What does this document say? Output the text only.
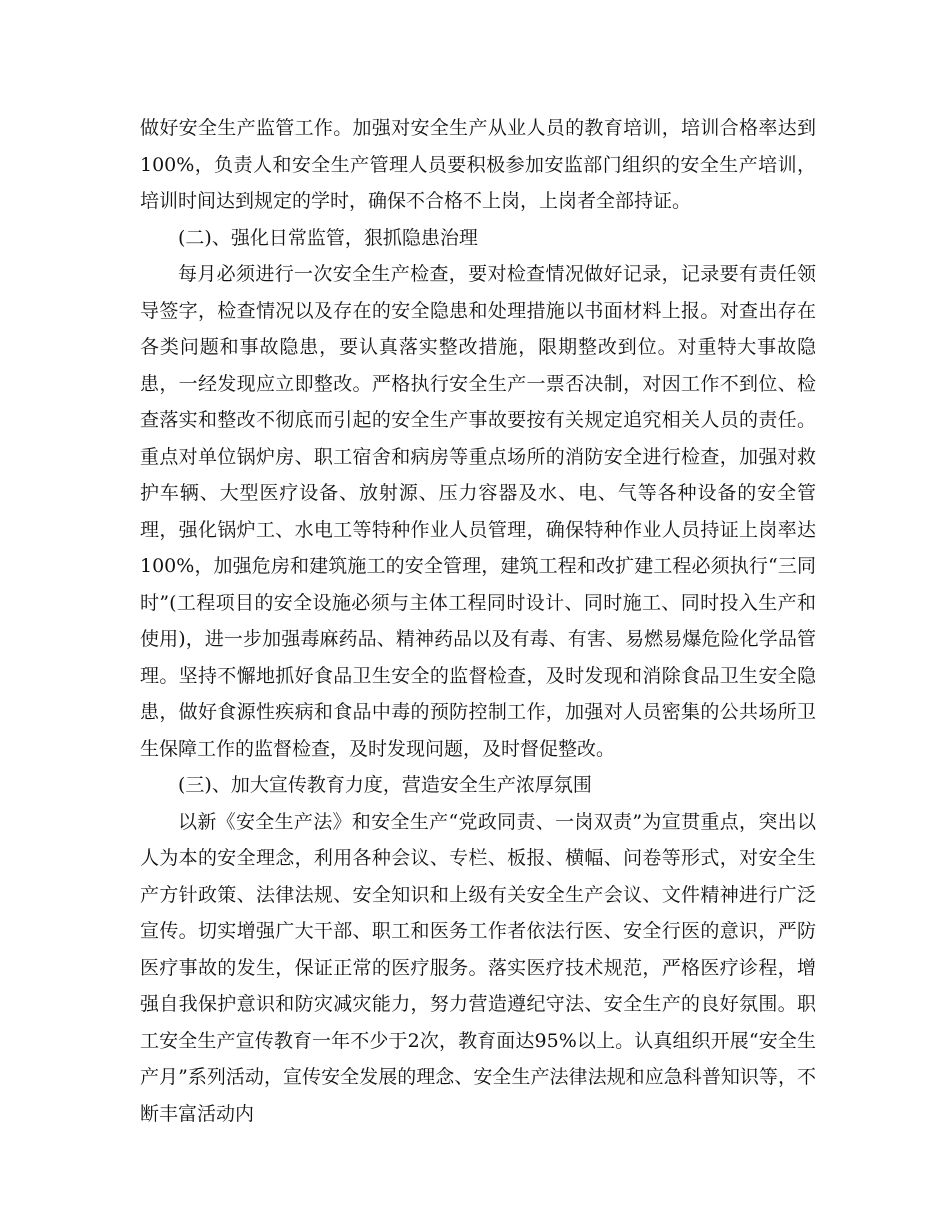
做好安全生产监管工作。加强对安全生产从业人员的教育培训，培训合格率达到100%，负责人和安全生产管理人员要积极参加安监部门组织的安全生产培训，培训时间达到规定的学时，确保不合格不上岗，上岗者全部持证。

(二)、强化日常监管，狠抓隐患治理

每月必须进行一次安全生产检查，要对检查情况做好记录，记录要有责任领导签字，检查情况以及存在的安全隐患和处理措施以书面材料上报。对查出存在各类问题和事故隐患，要认真落实整改措施，限期整改到位。对重特大事故隐患，一经发现应立即整改。严格执行安全生产一票否决制，对因工作不到位、检查落实和整改不彻底而引起的安全生产事故要按有关规定追究相关人员的责任。重点对单位锅炉房、职工宿舍和病房等重点场所的消防安全进行检查，加强对救护车辆、大型医疗设备、放射源、压力容器及水、电、气等各种设备的安全管理，强化锅炉工、水电工等特种作业人员管理，确保特种作业人员持证上岗率达100%，加强危房和建筑施工的安全管理，建筑工程和改扩建工程必须执行“三同时”(工程项目的安全设施必须与主体工程同时设计、同时施工、同时投入生产和使用)，进一步加强毒麻药品、精神药品以及有毒、有害、易燃易爆危险化学品管理。坚持不懈地抓好食品卫生安全的监督检查，及时发现和消除食品卫生安全隐患，做好食源性疾病和食品中毒的预防控制工作，加强对人员密集的公共场所卫生保障工作的监督检查，及时发现问题，及时督促整改。

(三)、加大宣传教育力度，营造安全生产浓厚氛围

以新《安全生产法》和安全生产“党政同责、一岗双责”为宣贯重点，突出以人为本的安全理念，利用各种会议、专栏、板报、横幅、问卷等形式，对安全生产方针政策、法律法规、安全知识和上级有关安全生产会议、文件精神进行广泛宣传。切实增强广大干部、职工和医务工作者依法行医、安全行医的意识，严防医疗事故的发生，保证正常的医疗服务。落实医疗技术规范，严格医疗诊程，增强自我保护意识和防灾减灾能力，努力营造遵纪守法、安全生产的良好氛围。职工安全生产宣传教育一年不少于2次，教育面达95%以上。认真组织开展“安全生产月”系列活动，宣传安全发展的理念、安全生产法律法规和应急科普知识等，不断丰富活动内
